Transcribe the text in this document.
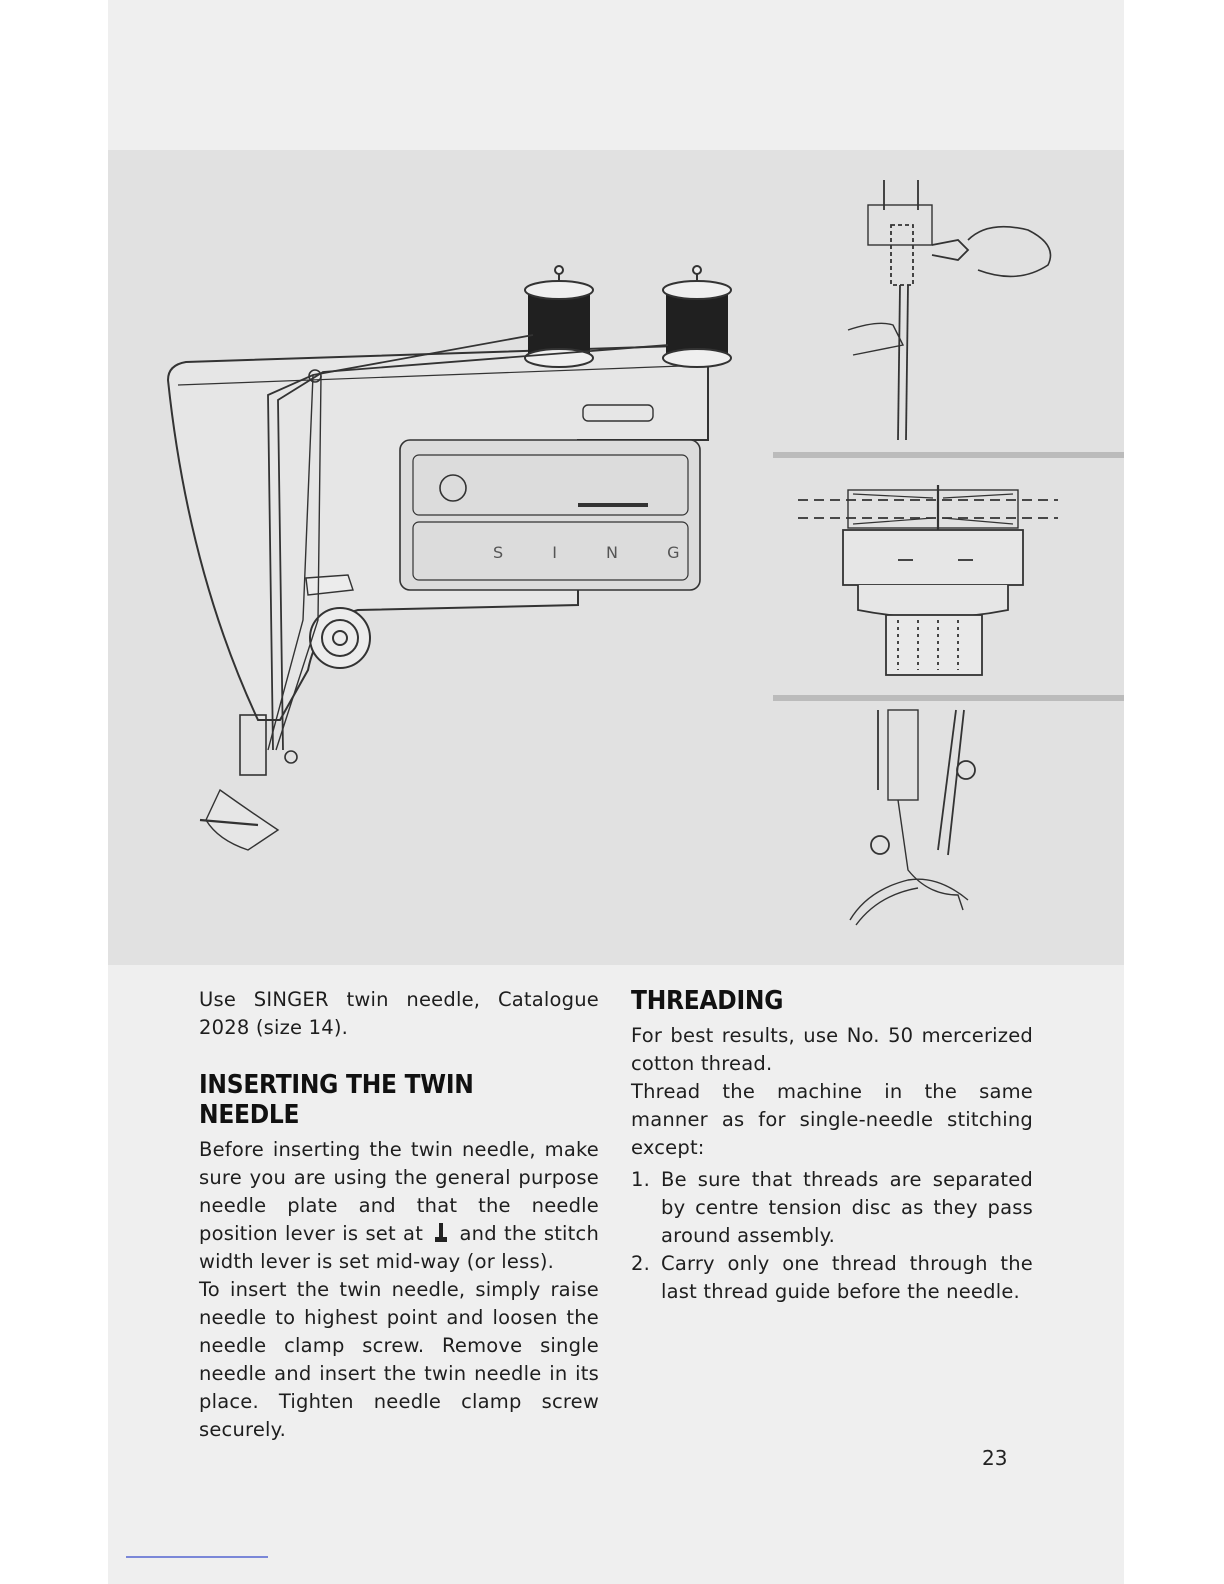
S I N G

Use SINGER twin needle, Catalogue 2028 (size 14).

INSERTING THE TWIN NEEDLE

Before inserting the twin needle, make sure you are using the general purpose needle plate and that the needle position lever is set at and the stitch width lever is set mid-way (or less).

To insert the twin needle, simply raise needle to highest point and loosen the needle clamp screw. Remove single needle and insert the twin needle in its place. Tighten needle clamp screw securely.

THREADING

For best results, use No. 50 mercerized cotton thread.

Thread the machine in the same manner as for single-needle stitching except:

1. Be sure that threads are separated by centre tension disc as they pass around assembly.
2. Carry only one thread through the last thread guide before the needle.
23
